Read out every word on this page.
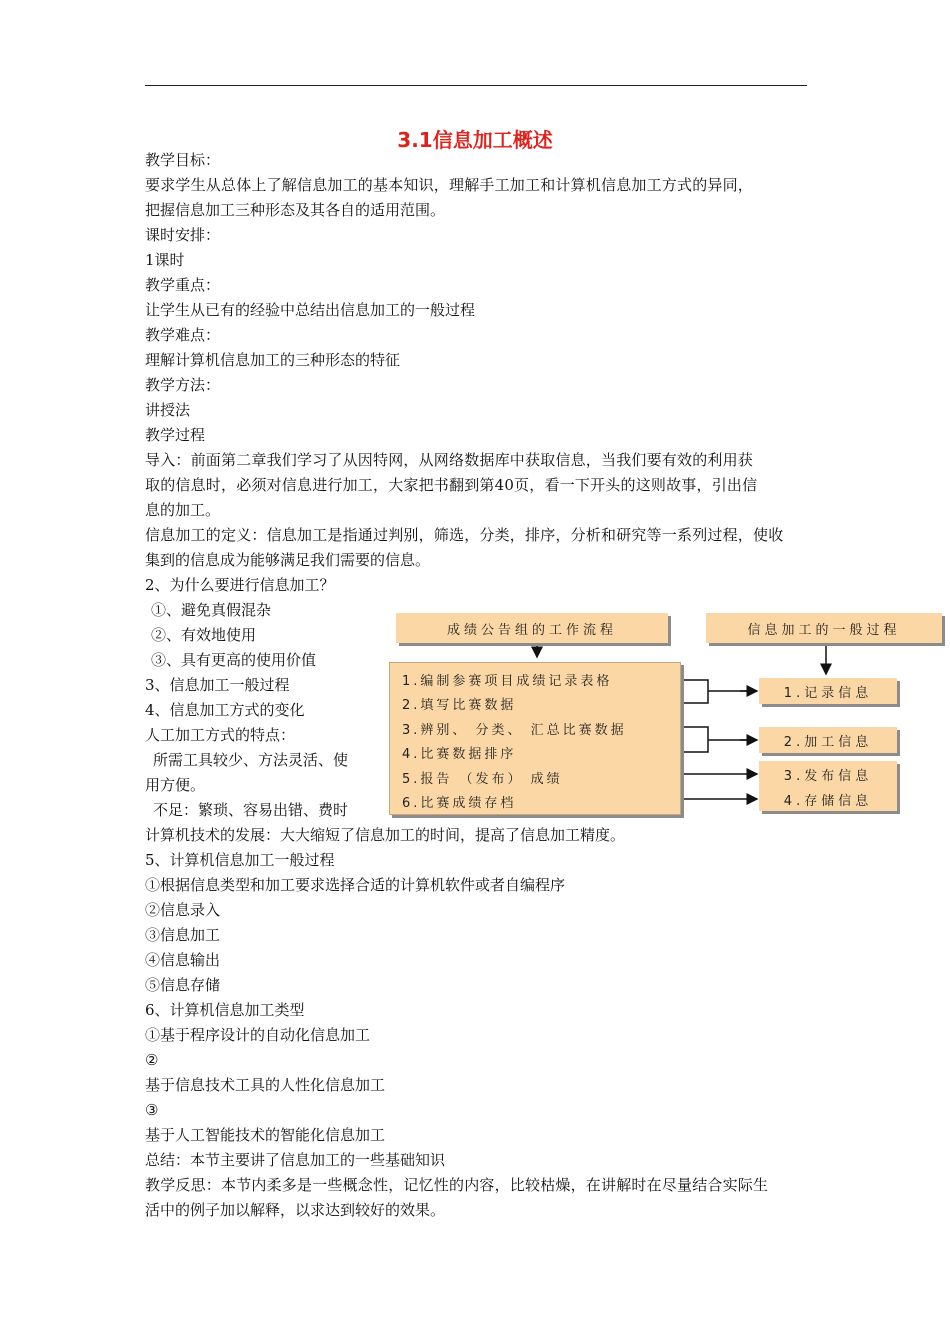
3.1信息加工概述
教学目标：
要求学生从总体上了解信息加工的基本知识，理解手工加工和计算机信息加工方式的异同，
把握信息加工三种形态及其各自的适用范围。
课时安排：
1课时
教学重点：
让学生从已有的经验中总结出信息加工的一般过程
教学难点：
理解计算机信息加工的三种形态的特征
教学方法：
讲授法
教学过程
导入：前面第二章我们学习了从因特网，从网络数据库中获取信息，当我们要有效的利用获
取的信息时，必须对信息进行加工，大家把书翻到第40页，看一下开头的这则故事，引出信
息的加工。
信息加工的定义：信息加工是指通过判别，筛选，分类，排序，分析和研究等一系列过程，使收
集到的信息成为能够满足我们需要的信息。
2、为什么要进行信息加工？
①、避免真假混杂
②、有效地使用
③、具有更高的使用价值
3、信息加工一般过程
4、信息加工方式的变化
人工加工方式的特点：
所需工具较少、方法灵活、使
用方便。
不足：繁琐、容易出错、费时
计算机技术的发展：大大缩短了信息加工的时间，提高了信息加工精度。
5、计算机信息加工一般过程
①根据信息类型和加工要求选择合适的计算机软件或者自编程序
②信息录入
③信息加工
④信息输出
⑤信息存储
6、计算机信息加工类型
①基于程序设计的自动化信息加工
②
基于信息技术工具的人性化信息加工
③
基于人工智能技术的智能化信息加工
总结：本节主要讲了信息加工的一些基础知识
教学反思：本节内柔多是一些概念性，记忆性的内容，比较枯燥，在讲解时在尽量结合实际生
活中的例子加以解释，以求达到较好的效果。
成绩公告组的工作流程	信息加工的一般过程
1.编制参赛项目成绩记录表格
2.填写比赛数据
3.辨别、 分类、 汇总比赛数据
4.比赛数据排序
5.报告 （发布） 成绩
6.比赛成绩存档
1.记录信息
2.加工信息
3.发布信息
4.存储信息
